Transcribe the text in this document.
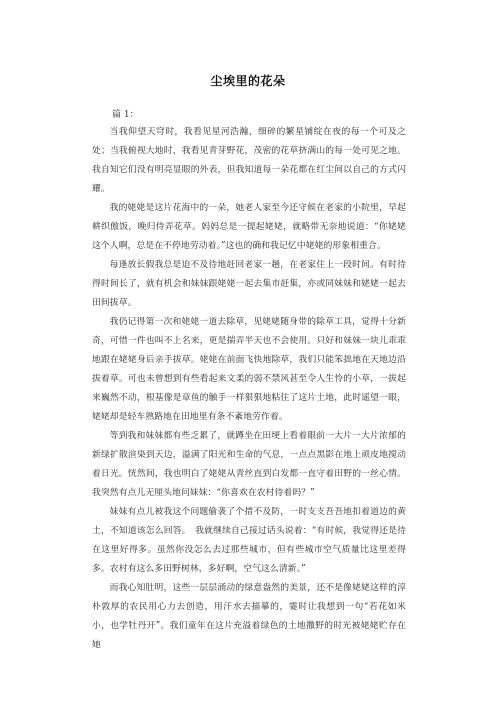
尘埃里的花朵
篇 1：

当我仰望天穹时，我看见星河浩瀚，细碎的繁星铺绽在夜的每一个可及之处；当我俯视大地时，我看见青芽野花，茂密的花草挤满山的每一处可见之地。我自知它们没有明亮显眼的外表，但我知道每一朵花都在红尘间以自己的方式闪耀。

我的姥姥是这片花海中的一朵，她老人家至今还守候在老家的小院里，早起耕织傲饭，晚归侍弄花草。妈妈总是一提起姥姥，就略带无奈地说道：“你姥姥这个人啊，总是在不停地劳动着。”这也的确和我记忆中姥姥的形象相重合。

每逢放长假我总是迫不及待地赶回老家一趟，在老家住上一段时间。有时待得时间长了，就有机会和妹妹跟姥姥一起去集市赶集，亦或同妹妹和姥姥一起去田间拔草。

我仍记得第一次和姥姥一道去除草，见姥姥随身带的除草工具，觉得十分新奇，可惜一件也叫不上名来，更是揣弄半天也不会使用。只好和妹妹一块儿乖乖地跟在姥姥身后亲手拔草。姥姥在前面飞快地除草，我们只能笨拙地在天地边沿拔着草。可也未曾想到有些看起来文柔的弱不禁风甚至令人生怜的小草，一拔起来巍然不动，根基像是章鱼的触手一样狠狠地粘住了这片土地，此时遥望一眼，姥姥却是轻车熟路地在田地里有条不紊地劳作着。

等到我和妹妹都有些乏累了，就蹲坐在田埂上看着眼前一大片一大片浓郁的新绿扩散渲染到天边，溢满了阳光和生命的气息，一点点黑影在地上顽皮地搅动着日光。恍然间，我也明白了姥姥从青丝直到白发都一直守着田野的一丝心情。我突然有点儿无厘头地问妹妹：“你喜欢在农村待着吗？”

妹妹有点儿被我这个问题偷袭了个措不及防，一时支支吾吾地扣着道边的黄土，不知道该怎么回答。　我就继续自己接过话头说着：“有时候，我觉得还是待在这里好得多。虽然你没怎么去过那些城市，但有些城市空气质量比这里差得多。农村有这么多田野树林，多好啊，空气这么清新。”

而我心知肚明，这些一层层涌动的绿意盎然的美景，还不是像姥姥这样的淳朴敦厚的农民用心力去创造，用汗水去描摹的，霎时让我想到一句“若花如米小，也学牡丹开”。我们童年在这片充溢着绿色的土地撒野的时光被姥姥贮存在她
